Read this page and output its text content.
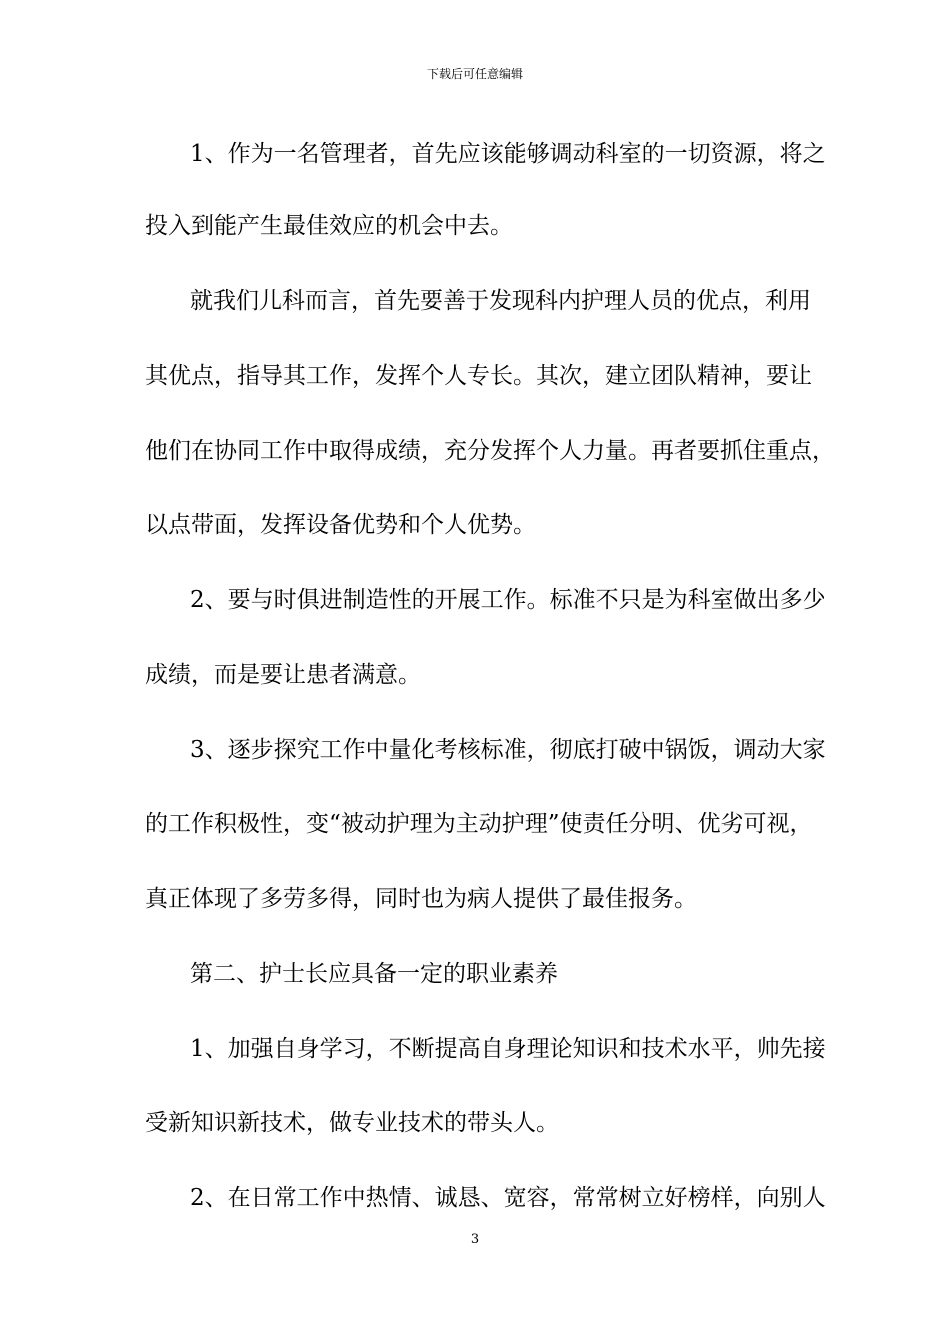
下载后可任意编辑
1、作为一名管理者，首先应该能够调动科室的一切资源，将之
投入到能产生最佳效应的机会中去。
就我们儿科而言，首先要善于发现科内护理人员的优点，利用
其优点，指导其工作，发挥个人专长。其次，建立团队精神，要让
他们在协同工作中取得成绩，充分发挥个人力量。再者要抓住重点，
以点带面，发挥设备优势和个人优势。
2、要与时俱进制造性的开展工作。标准不只是为科室做出多少
成绩，而是要让患者满意。
3、逐步探究工作中量化考核标准，彻底打破中锅饭，调动大家
的工作积极性，变“被动护理为主动护理”使责任分明、优劣可视，
真正体现了多劳多得，同时也为病人提供了最佳报务。
第二、护士长应具备一定的职业素养
1、加强自身学习，不断提高自身理论知识和技术水平，帅先接
受新知识新技术，做专业技术的带头人。
2、在日常工作中热情、诚恳、宽容，常常树立好榜样，向别人
3
